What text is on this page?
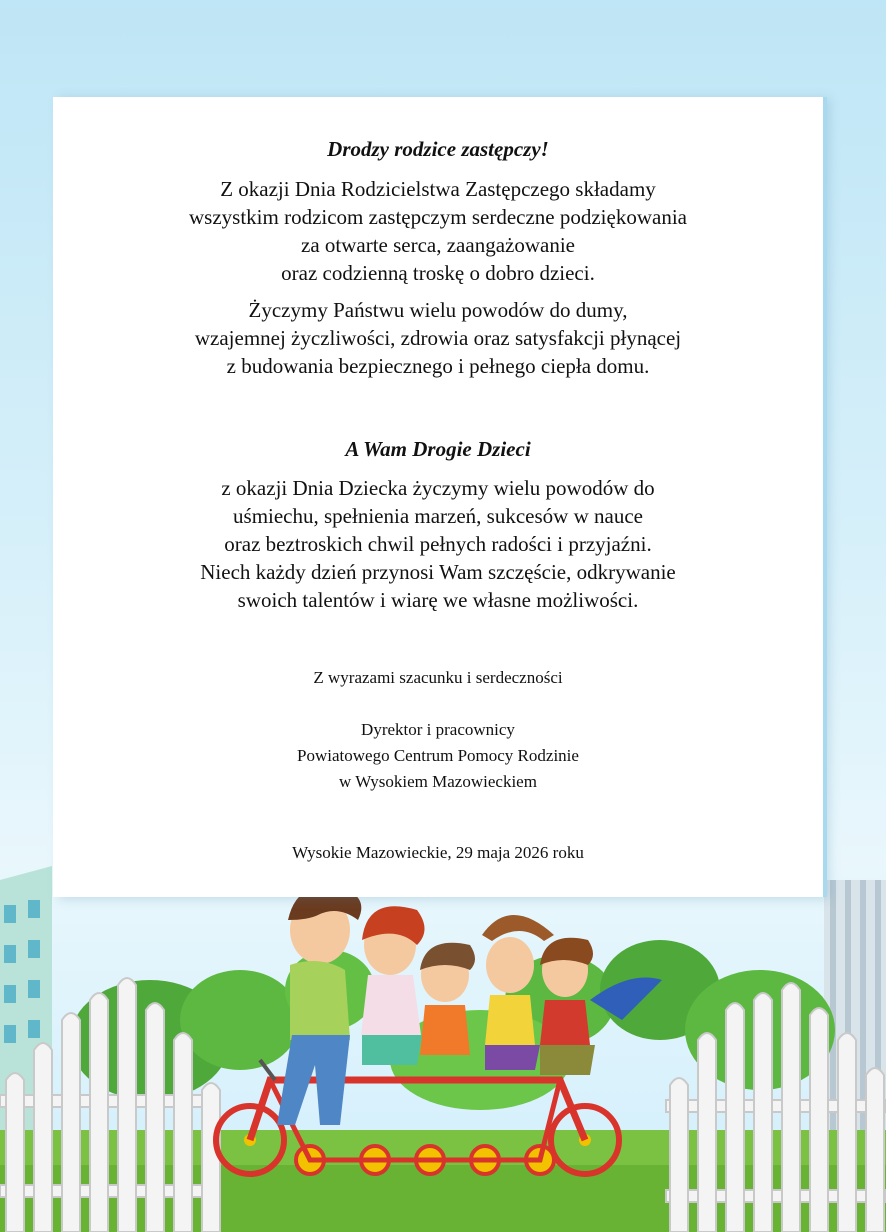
Drodzy rodzice zastępczy!
Z okazji Dnia Rodzicielstwa Zastępczego składamy
wszystkim rodzicom zastępczym serdeczne podziękowania
za otwarte serca, zaangażowanie
oraz codzienną troskę o dobro dzieci.
Życzymy Państwu wielu powodów do dumy,
wzajemnej życzliwości, zdrowia oraz satysfakcji płynącej
z budowania bezpiecznego i pełnego ciepła domu.
A Wam Drogie Dzieci
z okazji Dnia Dziecka życzymy wielu powodów do
uśmiechu, spełnienia marzeń, sukcesów w nauce
oraz beztroskich chwil pełnych radości i przyjaźni.
Niech każdy dzień przynosi Wam szczęście, odkrywanie
swoich talentów i wiarę we własne możliwości.
Z wyrazami szacunku i serdeczności
Dyrektor i pracownicy
Powiatowego Centrum Pomocy Rodzinie
w Wysokiem Mazowieckiem
Wysokie Mazowieckie, 29 maja 2026 roku
